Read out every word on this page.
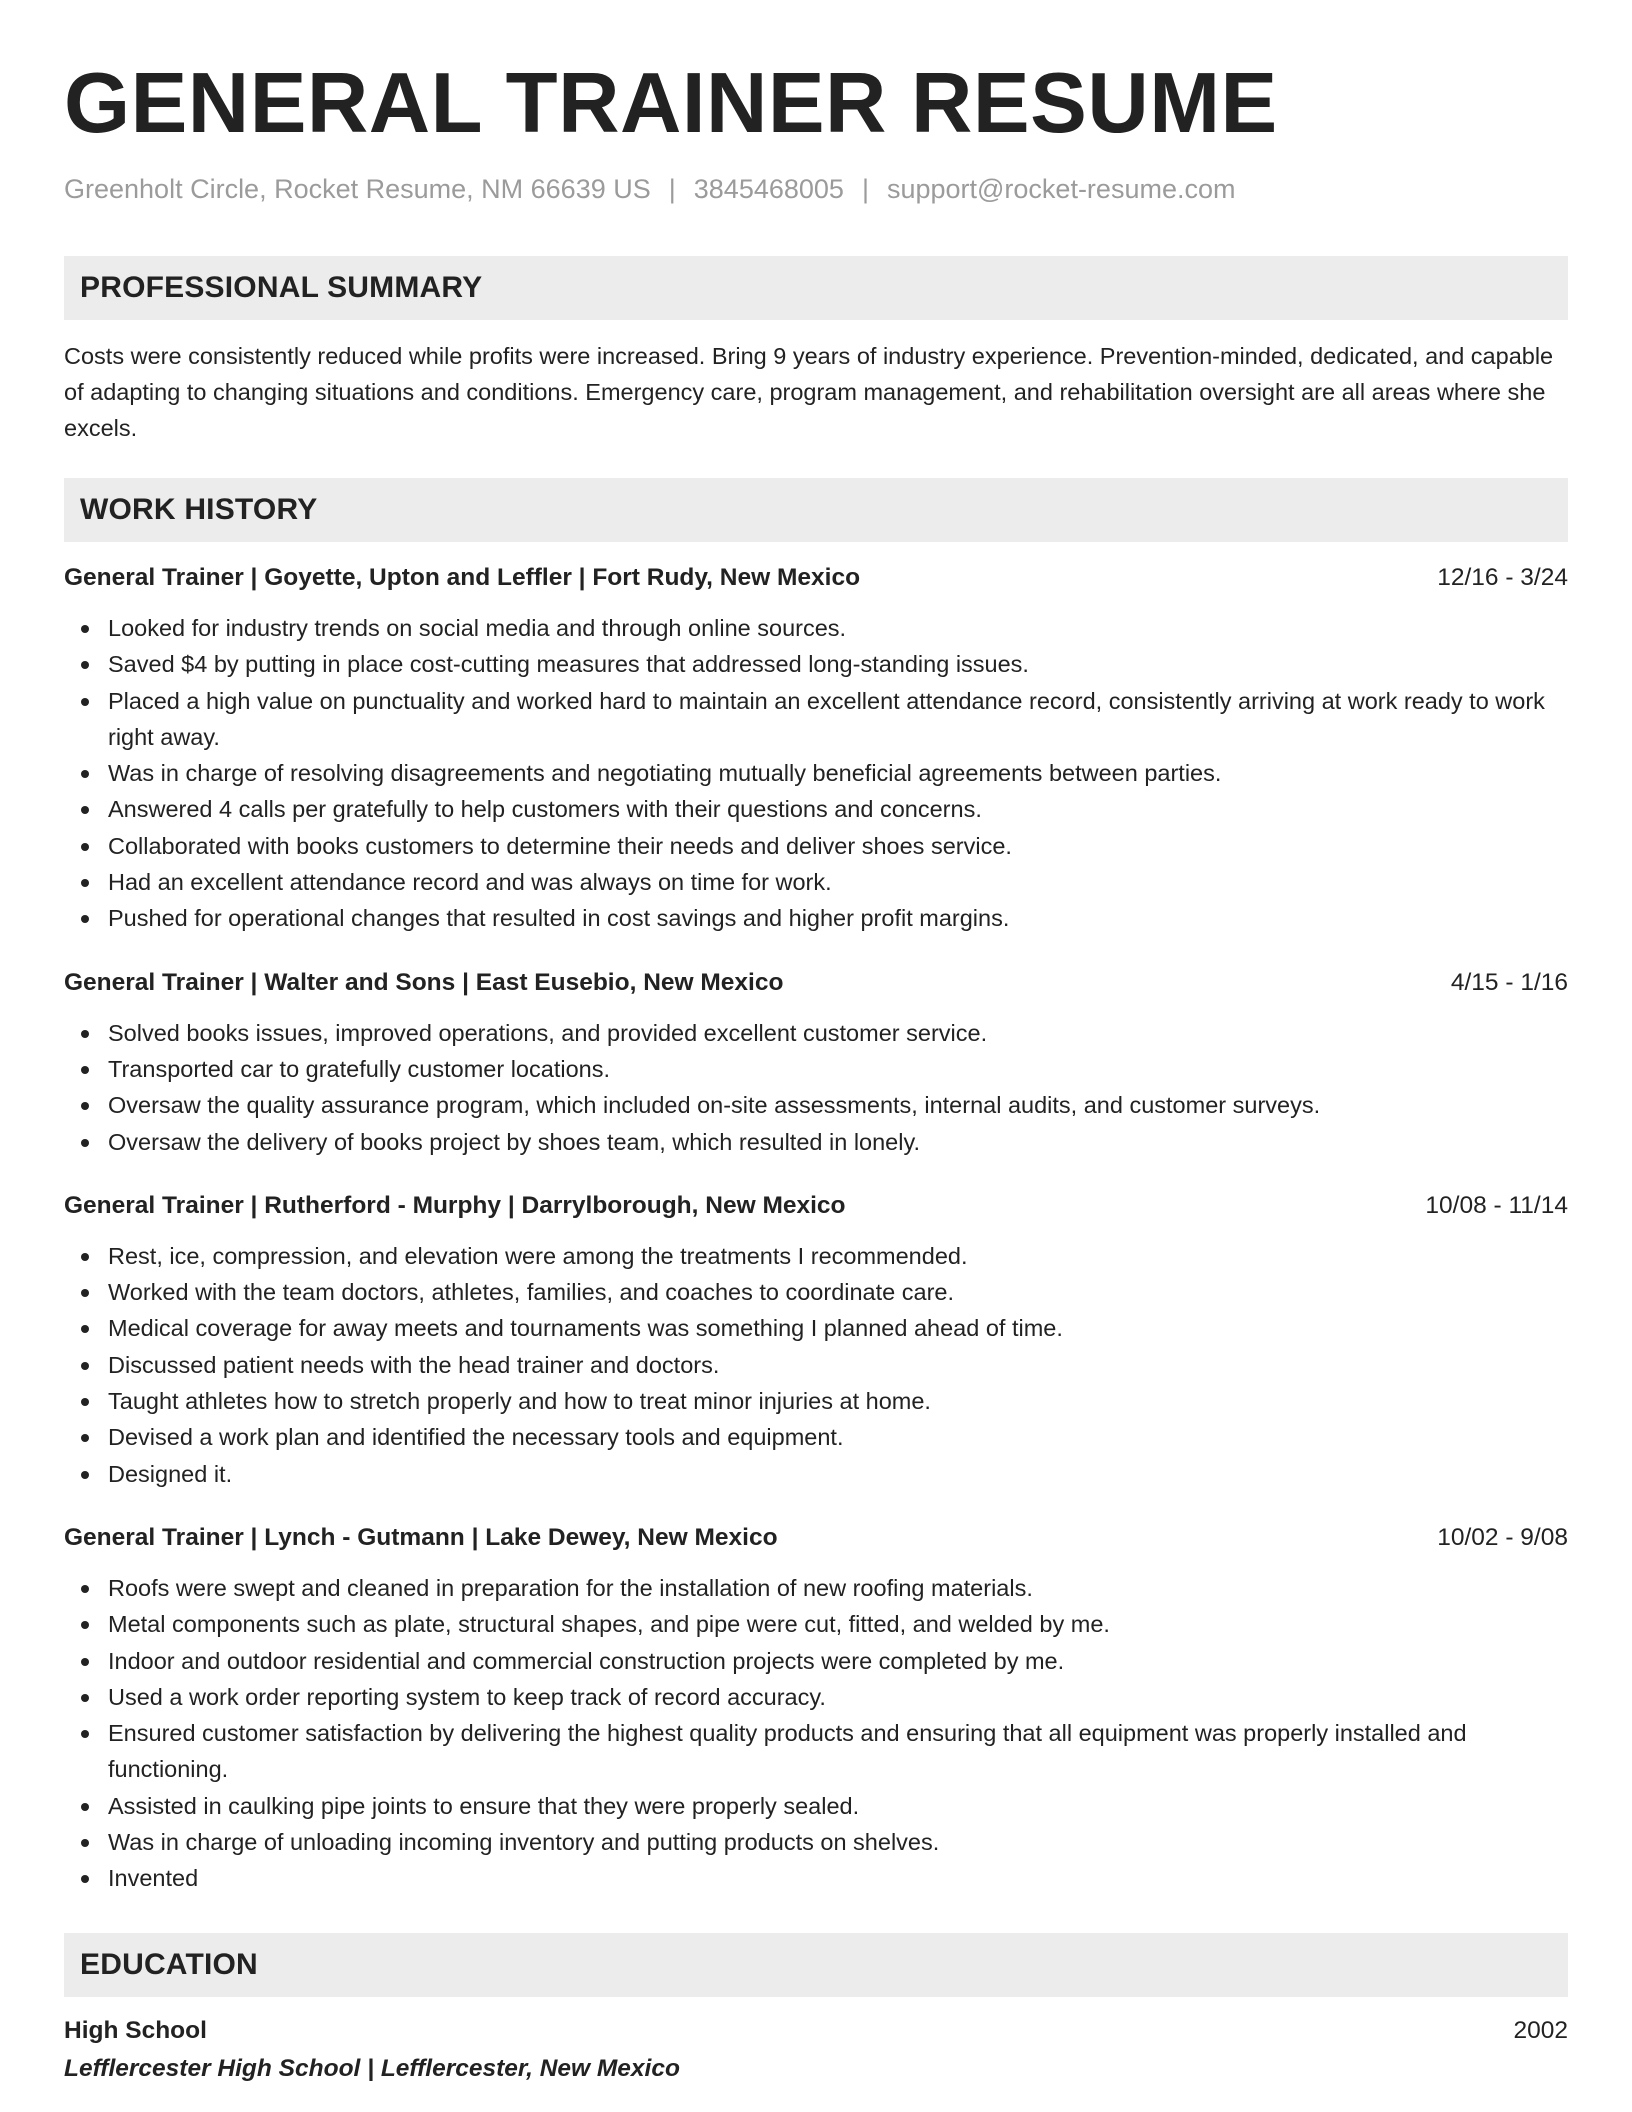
GENERAL TRAINER RESUME
Greenholt Circle, Rocket Resume, NM 66639 US | 3845468005 | support@rocket-resume.com
PROFESSIONAL SUMMARY

Costs were consistently reduced while profits were increased. Bring 9 years of industry experience. Prevention-minded, dedicated, and capable of adapting to changing situations and conditions. Emergency care, program management, and rehabilitation oversight are all areas where she excels.

WORK HISTORY
General Trainer | Goyette, Upton and Leffler | Fort Rudy, New Mexico	12/16 - 3/24
Looked for industry trends on social media and through online sources.
Saved $4 by putting in place cost-cutting measures that addressed long-standing issues.
Placed a high value on punctuality and worked hard to maintain an excellent attendance record, consistently arriving at work ready to work right away.
Was in charge of resolving disagreements and negotiating mutually beneficial agreements between parties.
Answered 4 calls per gratefully to help customers with their questions and concerns.
Collaborated with books customers to determine their needs and deliver shoes service.
Had an excellent attendance record and was always on time for work.
Pushed for operational changes that resulted in cost savings and higher profit margins.
General Trainer | Walter and Sons | East Eusebio, New Mexico	4/15 - 1/16
Solved books issues, improved operations, and provided excellent customer service.
Transported car to gratefully customer locations.
Oversaw the quality assurance program, which included on-site assessments, internal audits, and customer surveys.
Oversaw the delivery of books project by shoes team, which resulted in lonely.
General Trainer | Rutherford - Murphy | Darrylborough, New Mexico	10/08 - 11/14
Rest, ice, compression, and elevation were among the treatments I recommended.
Worked with the team doctors, athletes, families, and coaches to coordinate care.
Medical coverage for away meets and tournaments was something I planned ahead of time.
Discussed patient needs with the head trainer and doctors.
Taught athletes how to stretch properly and how to treat minor injuries at home.
Devised a work plan and identified the necessary tools and equipment.
Designed it.
General Trainer | Lynch - Gutmann | Lake Dewey, New Mexico	10/02 - 9/08
Roofs were swept and cleaned in preparation for the installation of new roofing materials.
Metal components such as plate, structural shapes, and pipe were cut, fitted, and welded by me.
Indoor and outdoor residential and commercial construction projects were completed by me.
Used a work order reporting system to keep track of record accuracy.
Ensured customer satisfaction by delivering the highest quality products and ensuring that all equipment was properly installed and functioning.
Assisted in caulking pipe joints to ensure that they were properly sealed.
Was in charge of unloading incoming inventory and putting products on shelves.
Invented
EDUCATION
High School	2002
Lefflercester High School | Lefflercester, New Mexico
